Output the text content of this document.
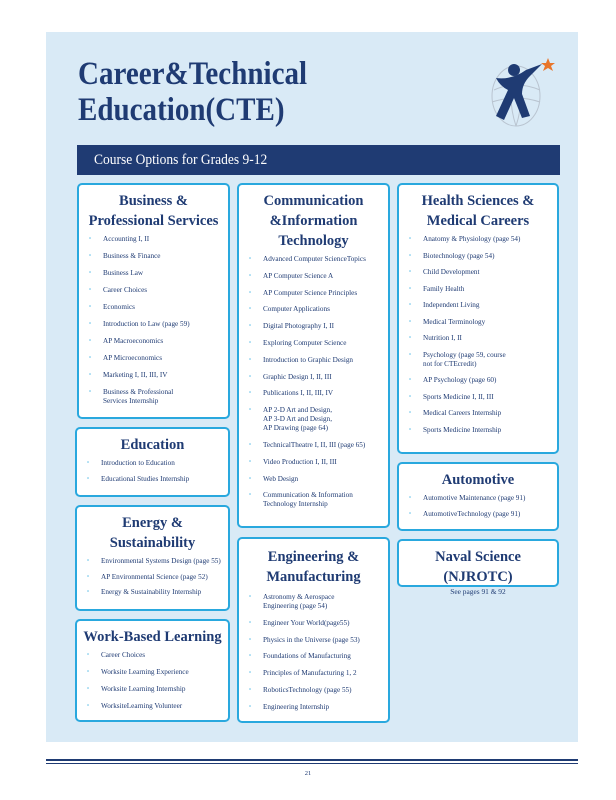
Career& Technical
Education (CTE)
Course Options for Grades 9-12
Business &
Professional Services
▫ Accounting I, II
▫ Business & Finance
▫ Business Law
▫ Career Choices
▫ Economics
▫ Introduction to Law (page 59)
▫ AP Macroeconomics
▫ AP Microeconomics
▫ Marketing I, II, III, IV
▫ Business & Professional
Services Internship
Communication
&Information
Technology
▫ Advanced Computer ScienceTopics
▫ AP Computer Science A
▫ AP Computer Science Principles
▫ Computer Applications
▫ Digital Photography I, II
▫ Exploring Computer Science
▫ Introduction to Graphic Design
▫ Graphic Design I, II, III
▫ Publications I, II, III, IV
▫ AP 2-D Art and Design,
AP 3-D Art and Design,
AP Drawing (page 64)
▫ TechnicalTheatre I, II, III (page 65)
▫ Video Production I, II, III
▫ Web Design
▫ Communication & Information
Technology Internship
Health Sciences &
Medical Careers
▫ Anatomy & Physiology (page 54)
▫ Biotechnology (page 54)
▫ Child Development
▫ Family Health
▫ Independent Living
▫ Medical Terminology
▫ Nutrition I, II
▫ Psychology (page 59, course
not for CTEcredit)
▫ AP Psychology (page 60)
▫ Sports Medicine I, II, III
▫ Medical Careers Internship
▫ Sports Medicine Internship
Education
▫ Introduction to Education
▫ Educational Studies Internship	Automotive
▫ Automotive Maintenance (page 91)
▫ AutomotiveTechnology (page 91)
Energy &
Sustainability
▫ Environmental Systems Design (page 55)
▫ AP Environmental Science (page 52)
▫ Energy & Sustainability Internship
Engineering &
Manufacturing
▫ Astronomy & Aerospace
Engineering (page 54)
▫ Engineer Your World(page55)
▫ Physics in the Universe (page 53)
▫ Foundations of Manufacturing
▫ Principles of Manufacturing 1, 2
▫ RoboticsTechnology (page 55)
▫ Engineering Internship
Naval Science (NJROTC)
See pages 91 & 92
Work-Based Learning
▫ Career Choices
▫ Worksite Learning Experience
▫ Worksite Learning Internship
▫ WorksiteLearning Volunteer
21
